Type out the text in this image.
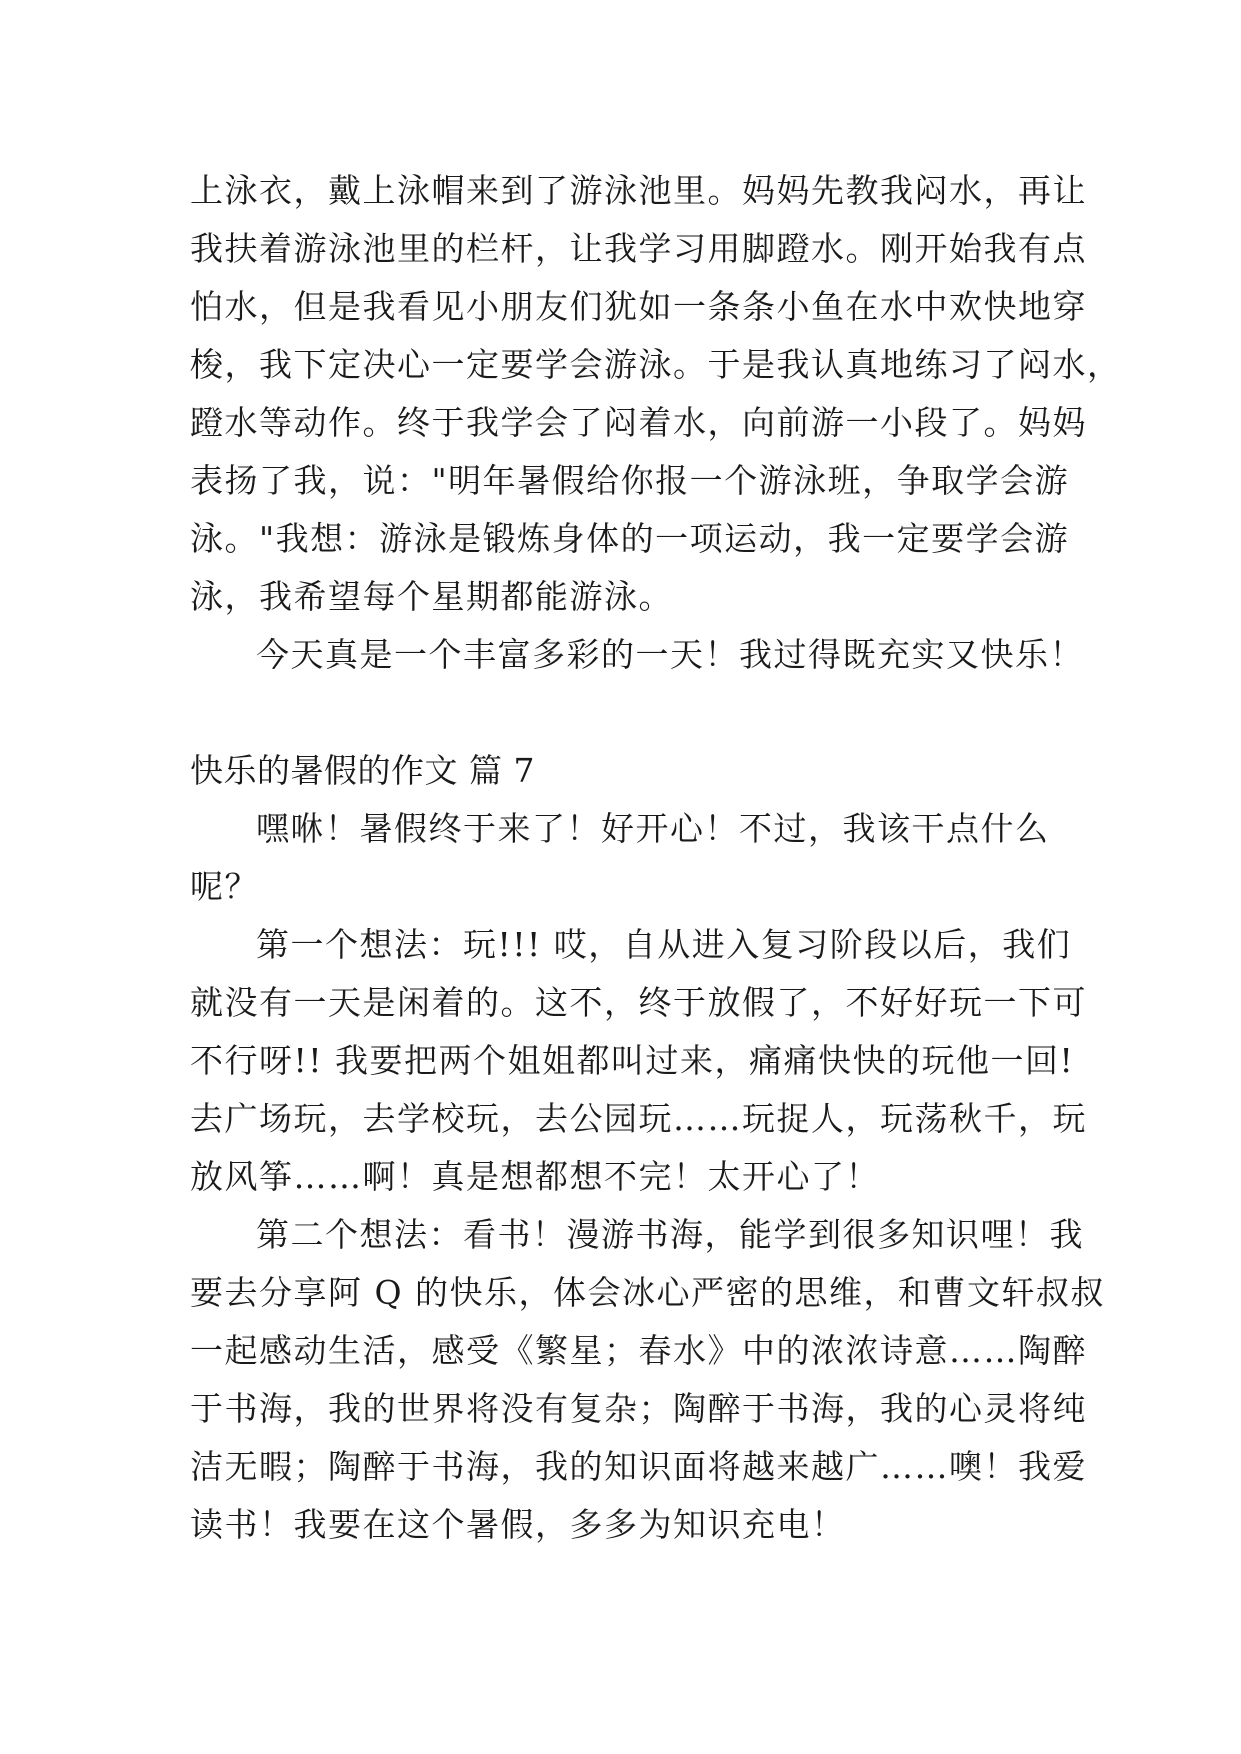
上泳衣，戴上泳帽来到了游泳池里。妈妈先教我闷水，再让
我扶着游泳池里的栏杆，让我学习用脚蹬水。刚开始我有点
怕水，但是我看见小朋友们犹如一条条小鱼在水中欢快地穿
梭，我下定决心一定要学会游泳。于是我认真地练习了闷水，
蹬水等动作。终于我学会了闷着水，向前游一小段了。妈妈
表扬了我，说："明年暑假给你报一个游泳班，争取学会游
泳。"我想：游泳是锻炼身体的一项运动，我一定要学会游
泳，我希望每个星期都能游泳。
今天真是一个丰富多彩的一天！我过得既充实又快乐！
快乐的暑假的作文 篇 7
嘿咻！暑假终于来了！好开心！不过，我该干点什么
呢？
第一个想法：玩!!! 哎，自从进入复习阶段以后，我们
就没有一天是闲着的。这不，终于放假了，不好好玩一下可
不行呀!! 我要把两个姐姐都叫过来，痛痛快快的玩他一回!
去广场玩，去学校玩，去公园玩……玩捉人，玩荡秋千，玩
放风筝……啊！真是想都想不完！太开心了！
第二个想法：看书！漫游书海，能学到很多知识哩！我
要去分享阿 Q 的快乐，体会冰心严密的思维，和曹文轩叔叔
一起感动生活，感受《繁星；春水》中的浓浓诗意……陶醉
于书海，我的世界将没有复杂；陶醉于书海，我的心灵将纯
洁无暇；陶醉于书海，我的知识面将越来越广……噢！我爱
读书！我要在这个暑假，多多为知识充电！
